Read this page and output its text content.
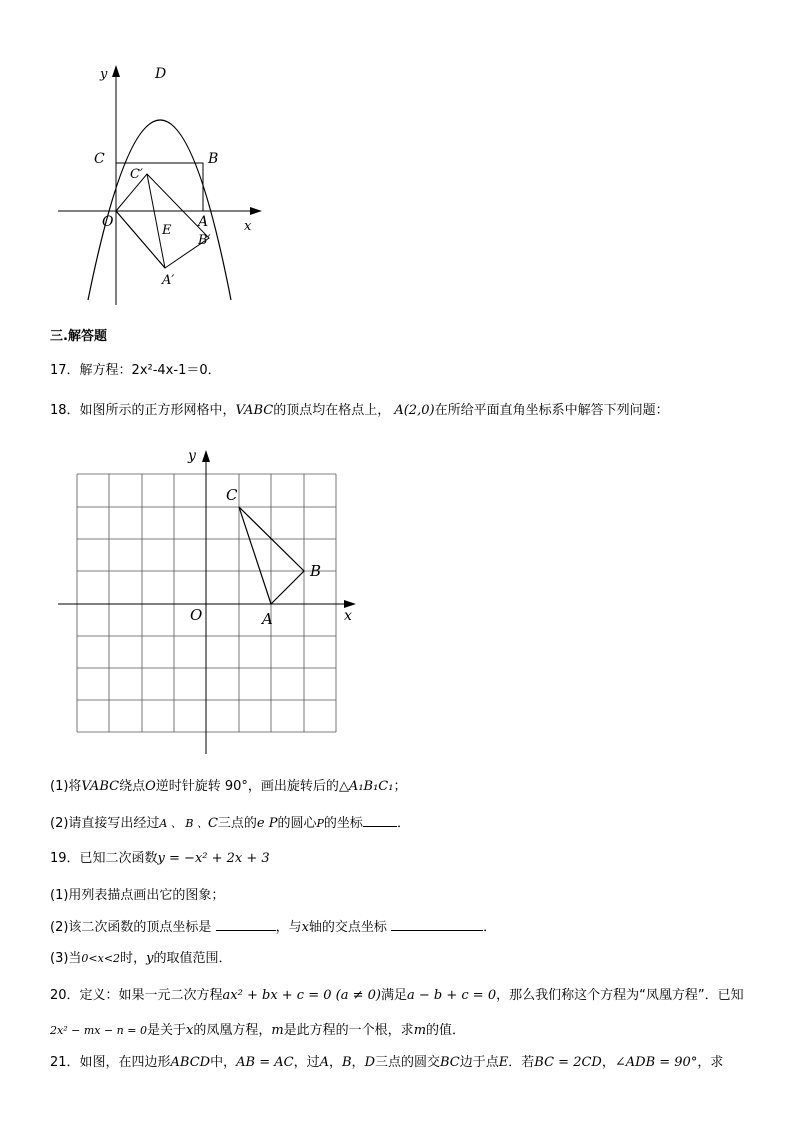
y	D
C	B
C′
O	A	x
E
B′
A′
三.解答题
17．解方程：2x²-4x-1＝0．
18．如图所示的正方形网格中，VABC的顶点均在格点上， A(2,0)在所给平面直角坐标系中解答下列问题：
y
C
B
O	A	x
(1)将VABC绕点O逆时针旋转 90°，画出旋转后的△A₁B₁C₁；
(2)请直接写出经过A 、 B 、C三点的e P的圆心P的坐标	．
19．已知二次函数y = −x² + 2x + 3
(1)用列表描点画出它的图象；
(2)该二次函数的顶点坐标是	，与x轴的交点坐标	．
(3)当0<x<2时，y的取值范围．
20．定义：如果一元二次方程ax² + bx + c = 0 (a ≠ 0)满足a − b + c = 0，那么我们称这个方程为“凤凰方程”．已知
2x² − mx − n = 0是关于x的凤凰方程，m是此方程的一个根，求m的值．
21．如图，在四边形ABCD中，AB = AC，过A，B，D三点的圆交BC边于点E．若BC = 2CD，∠ADB = 90°，求
